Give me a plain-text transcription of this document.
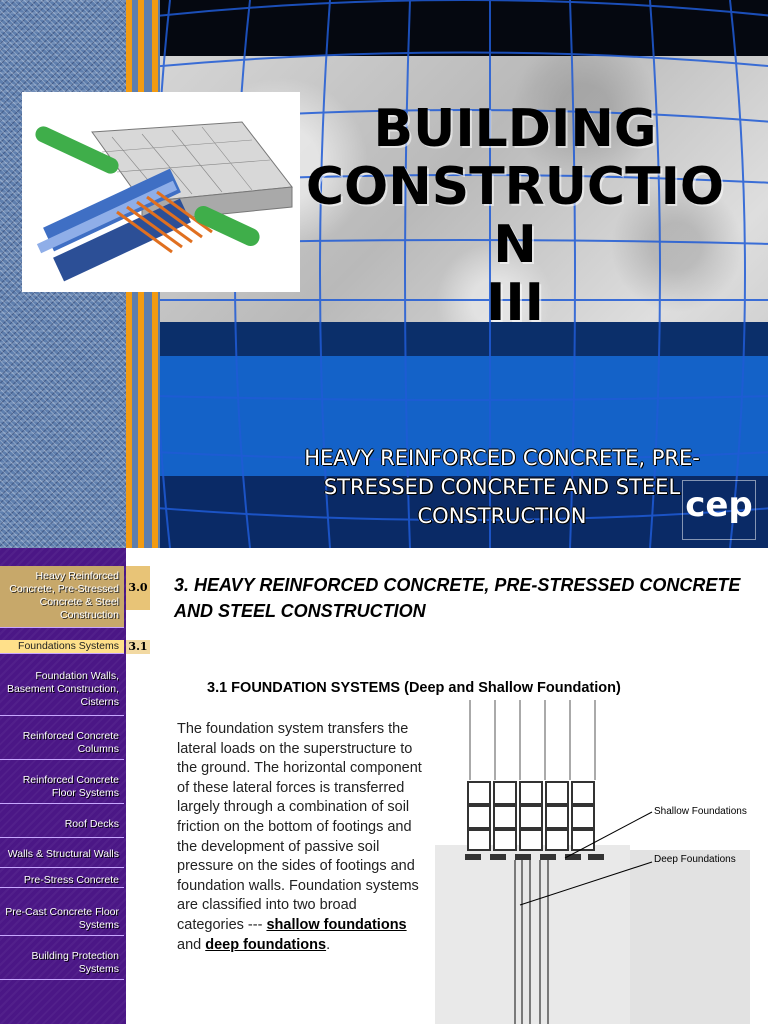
BUILDING
CONSTRUCTIO
N
III
HEAVY REINFORCED CONCRETE, PRE-STRESSED CONCRETE AND STEEL CONSTRUCTION	cep
Heavy Reinforced Concrete, Pre-Stressed Concrete & Steel Construction
Foundations Systems
Foundation Walls, Basement Construction, Cisterns
Reinforced Concrete Columns
Reinforced Concrete Floor Systems
Roof Decks
Walls & Structural Walls
Pre-Stress Concrete
Pre-Cast Concrete Floor Systems
Building Protection Systems
3.0
3.1
3. HEAVY REINFORCED CONCRETE, PRE-STRESSED CONCRETE AND STEEL CONSTRUCTION
3.1 FOUNDATION SYSTEMS (Deep and Shallow Foundation)
The foundation system transfers the lateral loads on the superstructure to the ground. The horizontal component of these lateral forces is transferred largely through a combination of soil friction on the bottom of footings and the development of passive soil pressure on the sides of footings and foundation walls. Foundation systems are classified into two broad categories --- shallow foundations and deep foundations.
Shallow Foundations
Deep Foundations
